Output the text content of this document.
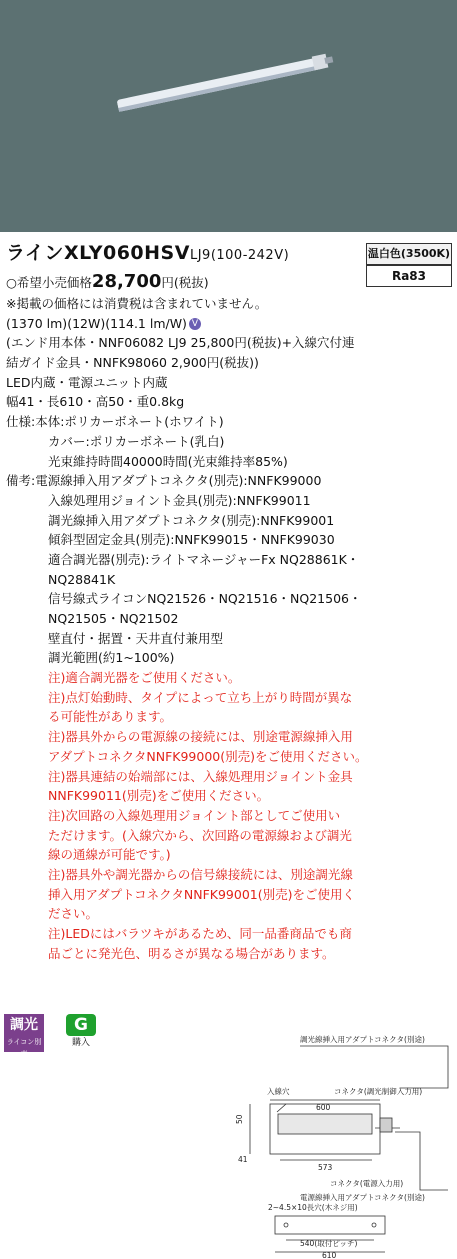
ラインXLY060HSVLJ9(100-242V)	温白色(3500K)
Ra83
○希望小売価格28,700円(税抜)
※掲載の価格には消費税は含まれていません。
(1370 lm)(12W)(114.1 lm/W) V
(エンド用本体・NNF06082 LJ9 25,800円(税抜)+入線穴付連
結ガイド金具・NNFK98060 2,900円(税抜))
LED内蔵・電源ユニット内蔵
幅41・長610・高50・重0.8kg
仕様:本体:ポリカーボネート(ホワイト)
カバー:ポリカーボネート(乳白)
光束維持時間40000時間(光束維持率85%)
備考:電源線挿入用アダプトコネクタ(別売):NNFK99000
入線処理用ジョイント金具(別売):NNFK99011
調光線挿入用アダプトコネクタ(別売):NNFK99001
傾斜型固定金具(別売):NNFK99015・NNFK99030
適合調光器(別売):ライトマネージャーFx NQ28861K・
NQ28841K
信号線式ライコンNQ21526・NQ21516・NQ21506・
NQ21505・NQ21502
壁直付・据置・天井直付兼用型
調光範囲(約1~100%)
注)適合調光器をご使用ください。
注)点灯始動時、タイプによって立ち上がり時間が異な
る可能性があります。
注)器具外からの電源線の接続には、別途電源線挿入用
アダプトコネクタNNFK99000(別売)をご使用ください。
注)器具連結の始端部には、入線処理用ジョイント金具
NNFK99011(別売)をご使用ください。
注)次回路の入線処理用ジョイント部としてご使用い
ただけます。(入線穴から、次回路の電源線および調光
線の通線が可能です。)
注)器具外や調光器からの信号線接続には、別途調光線
挿入用アダプトコネクタNNFK99001(別売)をご使用く
ださい。
注)LEDにはバラツキがあるため、同一品番商品でも商
品ごとに発光色、明るさが異なる場合があります。
調光
ライコン別売
G
購入	調光線挿入用アダプトコネクタ(別途)
入線穴	コネクタ(調光制御入力用)
600
573
50
41
コネクタ(電源入力用)
電源線挿入用アダプトコネクタ(別途)
2~4.5×10長穴(木ネジ用)
540(取付ピッチ)
610
